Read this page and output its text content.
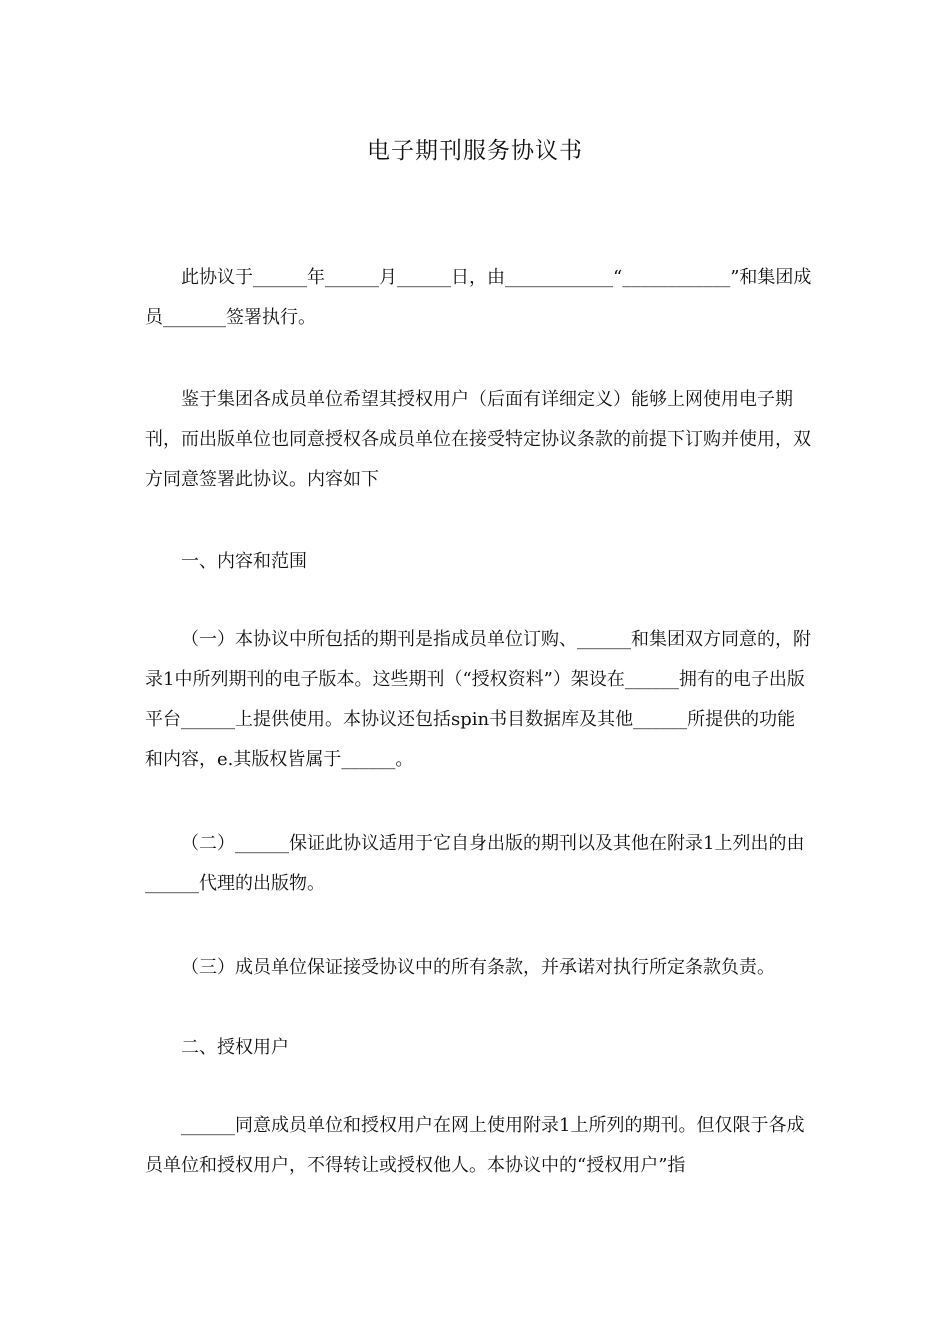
电子期刊服务协议书
此协议于______年______月______日，由____________“____________”和集团成员_______签署执行。
鉴于集团各成员单位希望其授权用户（后面有详细定义）能够上网使用电子期刊，而出版单位也同意授权各成员单位在接受特定协议条款的前提下订购并使用，双方同意签署此协议。内容如下
一、内容和范围
（一）本协议中所包括的期刊是指成员单位订购、______和集团双方同意的，附录1中所列期刊的电子版本。这些期刊（“授权资料”）架设在______拥有的电子出版平台______上提供使用。本协议还包括spin书目数据库及其他______所提供的功能和内容，e.其版权皆属于______。
（二）______保证此协议适用于它自身出版的期刊以及其他在附录1上列出的由______代理的出版物。
（三）成员单位保证接受协议中的所有条款，并承诺对执行所定条款负责。
二、授权用户
______同意成员单位和授权用户在网上使用附录1上所列的期刊。但仅限于各成员单位和授权用户，不得转让或授权他人。本协议中的“授权用户”指
